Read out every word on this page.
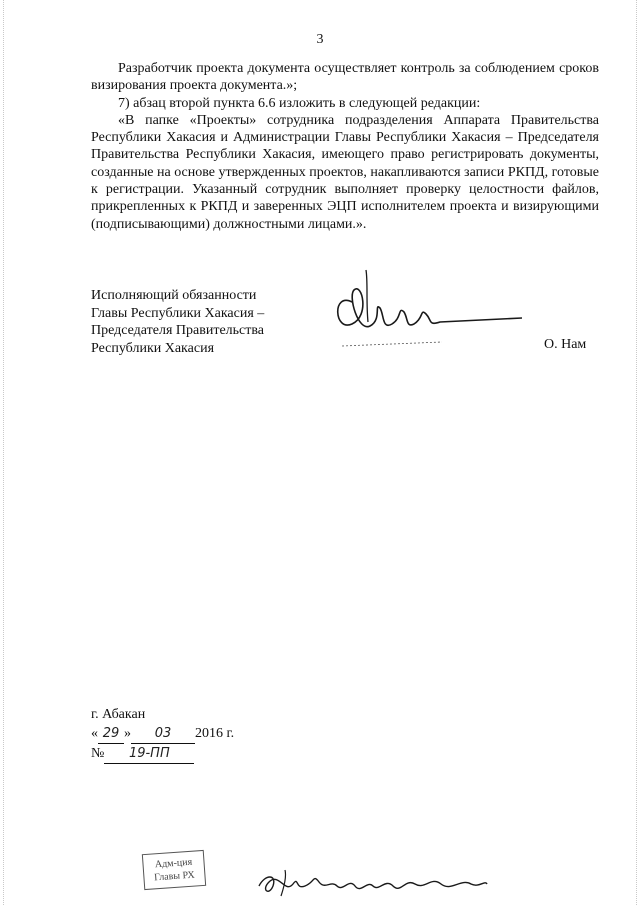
3

Разработчик проекта документа осуществляет контроль за соблюдением сроков визирования проекта документа.»;

7) абзац второй пункта 6.6 изложить в следующей редакции:

«В папке «Проекты» сотрудника подразделения Аппарата Правительства Республики Хакасия и Администрации Главы Республики Хакасия – Председателя Правительства Республики Хакасия, имеющего право регистрировать документы, созданные на основе утвержденных проектов, накапливаются записи РКПД, готовые к регистрации. Указанный сотрудник выполняет проверку целостности файлов, прикрепленных к РКПД и заверенных ЭЦП исполнителем проекта и визирующими (подписывающими) должностными лицами.».

Исполняющий обязанности
Главы Республики Хакасия –
Председателя Правительства
Республики Хакасия	О. Нам
г. Абакан
« 29 » 03 2016 г.
№ 19-ПП
Адм-ция
Главы РХ
